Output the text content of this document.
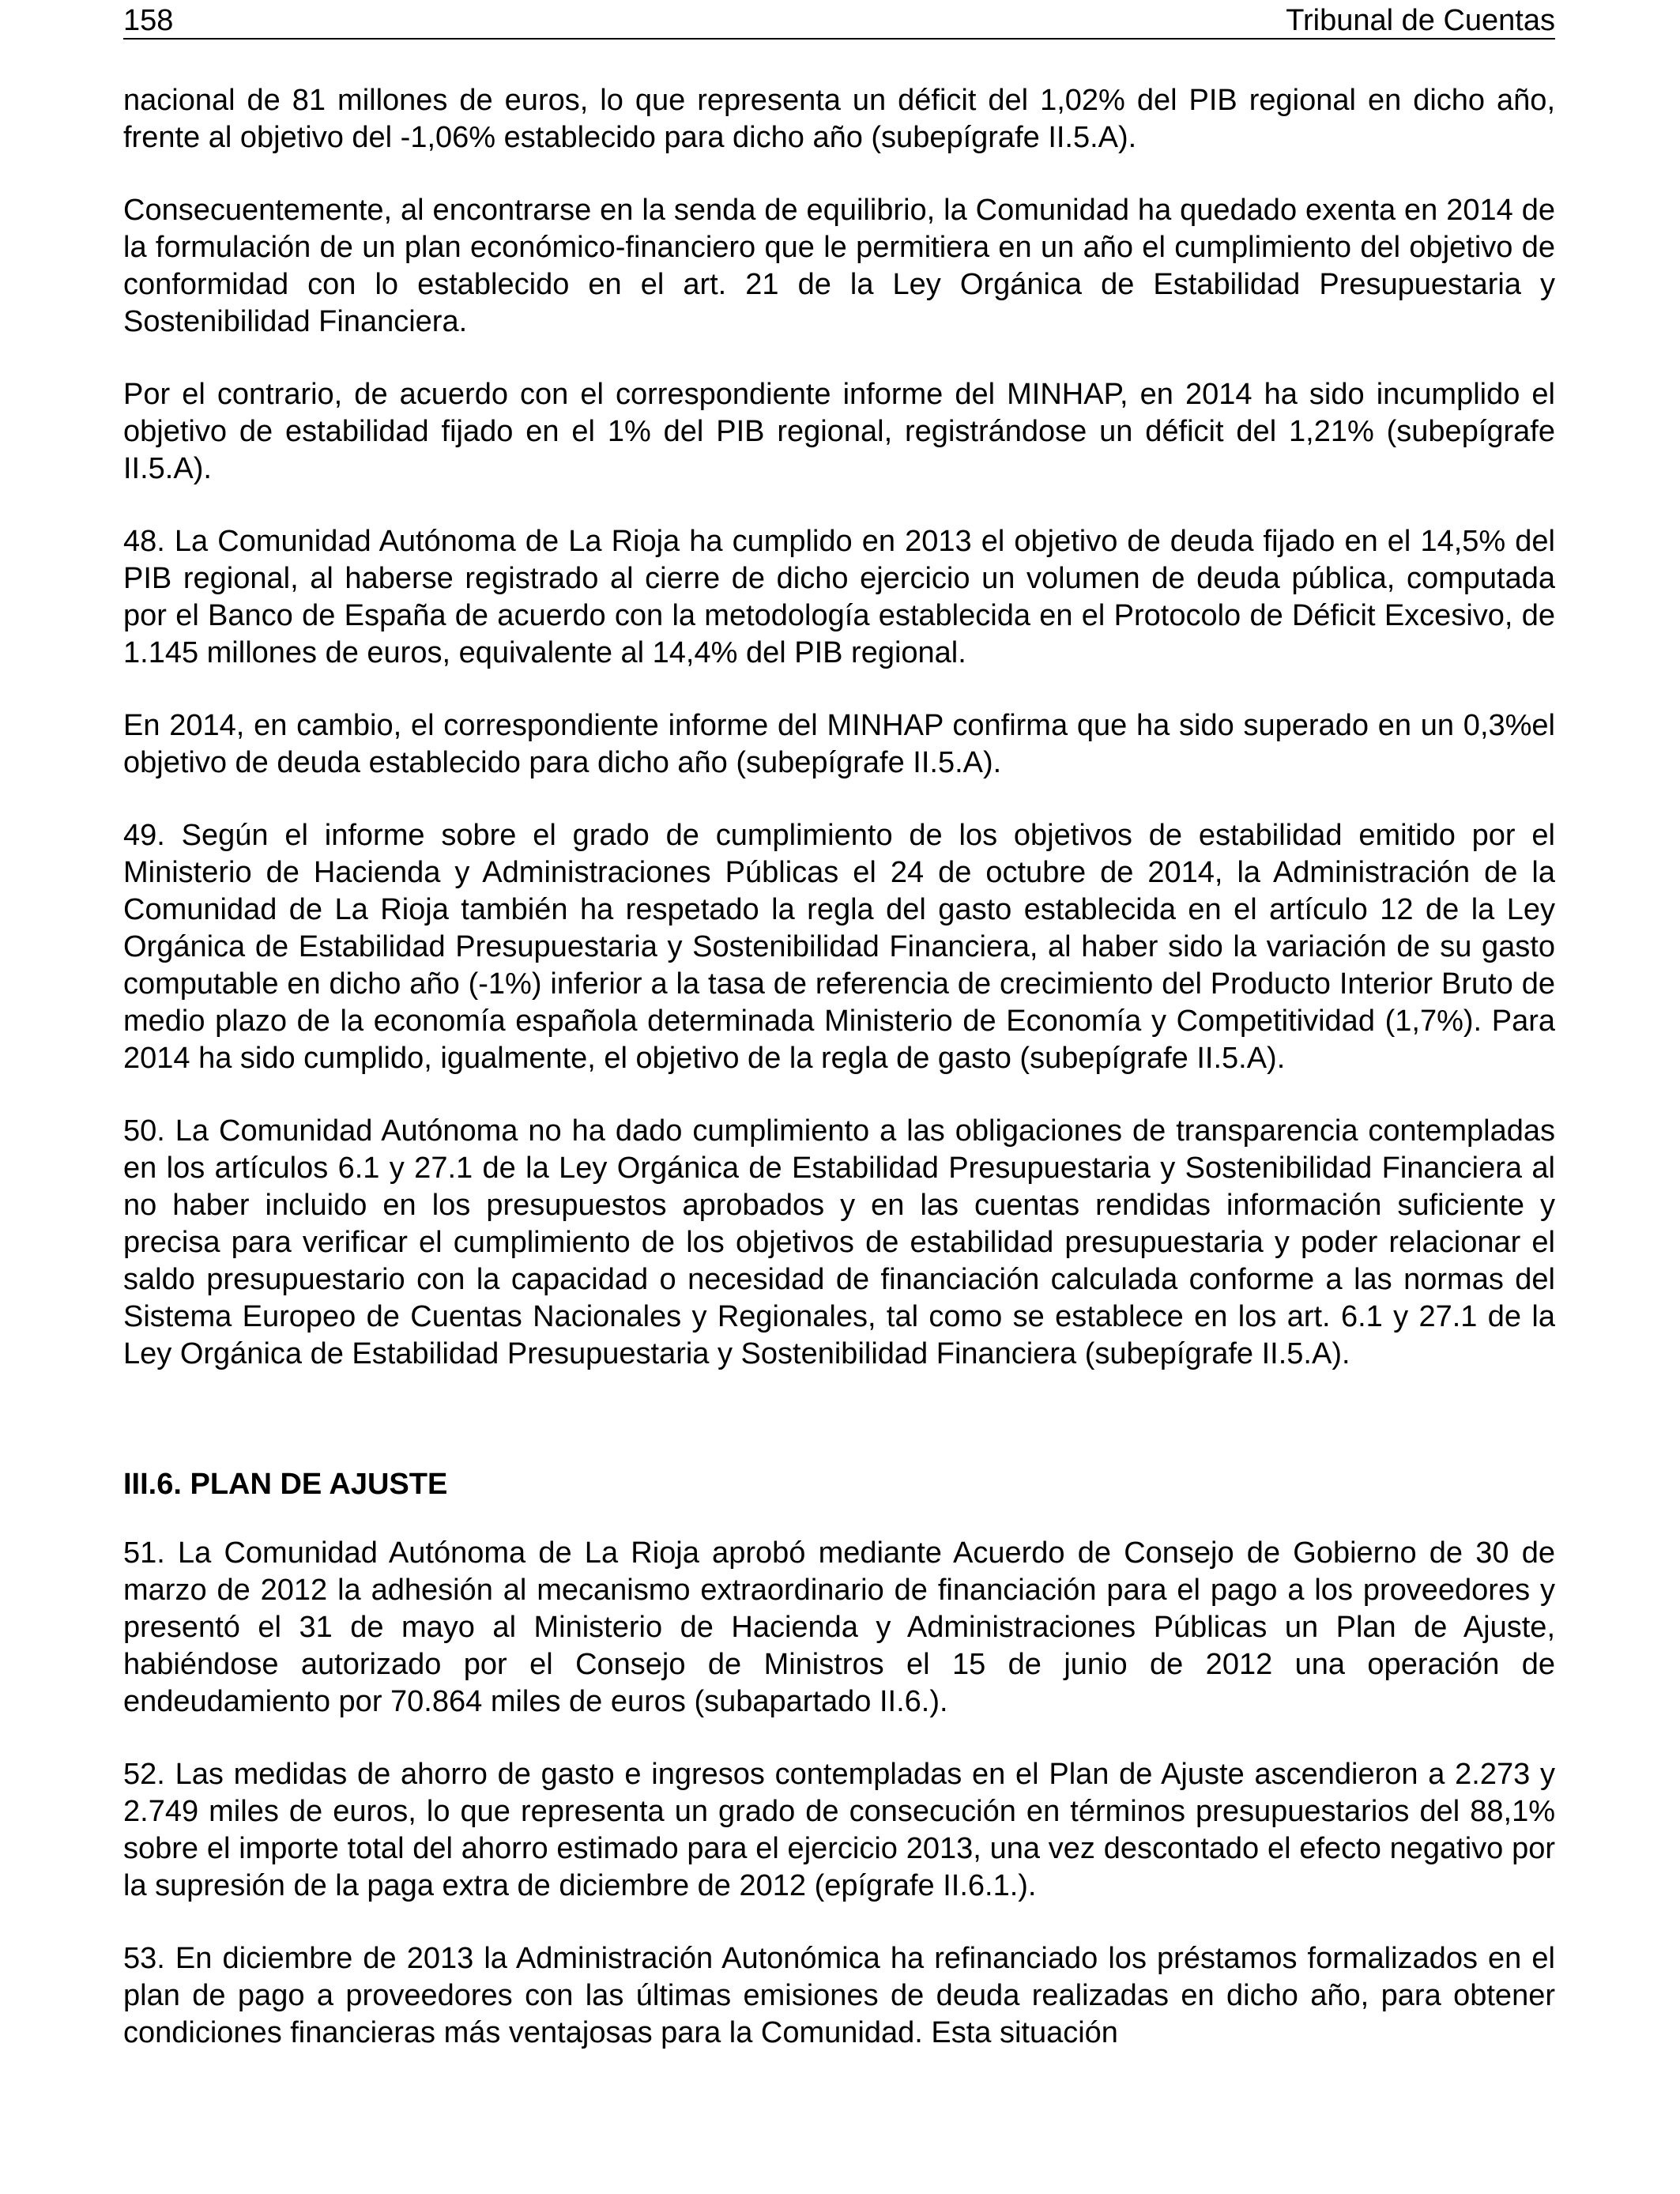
158	Tribunal de Cuentas

nacional de 81 millones de euros, lo que representa un déficit del 1,02% del PIB regional en dicho año, frente al objetivo del -1,06% establecido para dicho año (subepígrafe II.5.A).

Consecuentemente, al encontrarse en la senda de equilibrio, la Comunidad ha quedado exenta en 2014 de la formulación de un plan económico-financiero que le permitiera en un año el cumplimiento del objetivo de conformidad con lo establecido en el art. 21 de la Ley Orgánica de Estabilidad Presupuestaria y Sostenibilidad Financiera.

Por el contrario, de acuerdo con el correspondiente informe del MINHAP, en 2014 ha sido incumplido el objetivo de estabilidad fijado en el 1% del PIB regional, registrándose un déficit del 1,21% (subepígrafe II.5.A).

48. La Comunidad Autónoma de La Rioja ha cumplido en 2013 el objetivo de deuda fijado en el 14,5% del PIB regional, al haberse registrado al cierre de dicho ejercicio un volumen de deuda pública, computada por el Banco de España de acuerdo con la metodología establecida en el Protocolo de Déficit Excesivo, de 1.145 millones de euros, equivalente al 14,4% del PIB regional.

En 2014, en cambio, el correspondiente informe del MINHAP confirma que ha sido superado en un 0,3%el objetivo de deuda establecido para dicho año (subepígrafe II.5.A).

49. Según el informe sobre el grado de cumplimiento de los objetivos de estabilidad emitido por el Ministerio de Hacienda y Administraciones Públicas el 24 de octubre de 2014, la Administración de la Comunidad de La Rioja también ha respetado la regla del gasto establecida en el artículo 12 de la Ley Orgánica de Estabilidad Presupuestaria y Sostenibilidad Financiera, al haber sido la variación de su gasto computable en dicho año (-1%) inferior a la tasa de referencia de crecimiento del Producto Interior Bruto de medio plazo de la economía española determinada Ministerio de Economía y Competitividad (1,7%). Para 2014 ha sido cumplido, igualmente, el objetivo de la regla de gasto (subepígrafe II.5.A).

50. La Comunidad Autónoma no ha dado cumplimiento a las obligaciones de transparencia contempladas en los artículos 6.1 y 27.1 de la Ley Orgánica de Estabilidad Presupuestaria y Sostenibilidad Financiera al no haber incluido en los presupuestos aprobados y en las cuentas rendidas información suficiente y precisa para verificar el cumplimiento de los objetivos de estabilidad presupuestaria y poder relacionar el saldo presupuestario con la capacidad o necesidad de financiación calculada conforme a las normas del Sistema Europeo de Cuentas Nacionales y Regionales, tal como se establece en los art. 6.1 y 27.1 de la Ley Orgánica de Estabilidad Presupuestaria y Sostenibilidad Financiera (subepígrafe II.5.A).

III.6. PLAN DE AJUSTE

51. La Comunidad Autónoma de La Rioja aprobó mediante Acuerdo de Consejo de Gobierno de 30 de marzo de 2012 la adhesión al mecanismo extraordinario de financiación para el pago a los proveedores y presentó el 31 de mayo al Ministerio de Hacienda y Administraciones Públicas un Plan de Ajuste, habiéndose autorizado por el Consejo de Ministros el 15 de junio de 2012 una operación de endeudamiento por 70.864 miles de euros (subapartado II.6.).

52. Las medidas de ahorro de gasto e ingresos contempladas en el Plan de Ajuste ascendieron a 2.273 y 2.749 miles de euros, lo que representa un grado de consecución en términos presupuestarios del 88,1% sobre el importe total del ahorro estimado para el ejercicio 2013, una vez descontado el efecto negativo por la supresión de la paga extra de diciembre de 2012 (epígrafe II.6.1.).

53. En diciembre de 2013 la Administración Autonómica ha refinanciado los préstamos formalizados en el plan de pago a proveedores con las últimas emisiones de deuda realizadas en dicho año, para obtener condiciones financieras más ventajosas para la Comunidad. Esta situación
